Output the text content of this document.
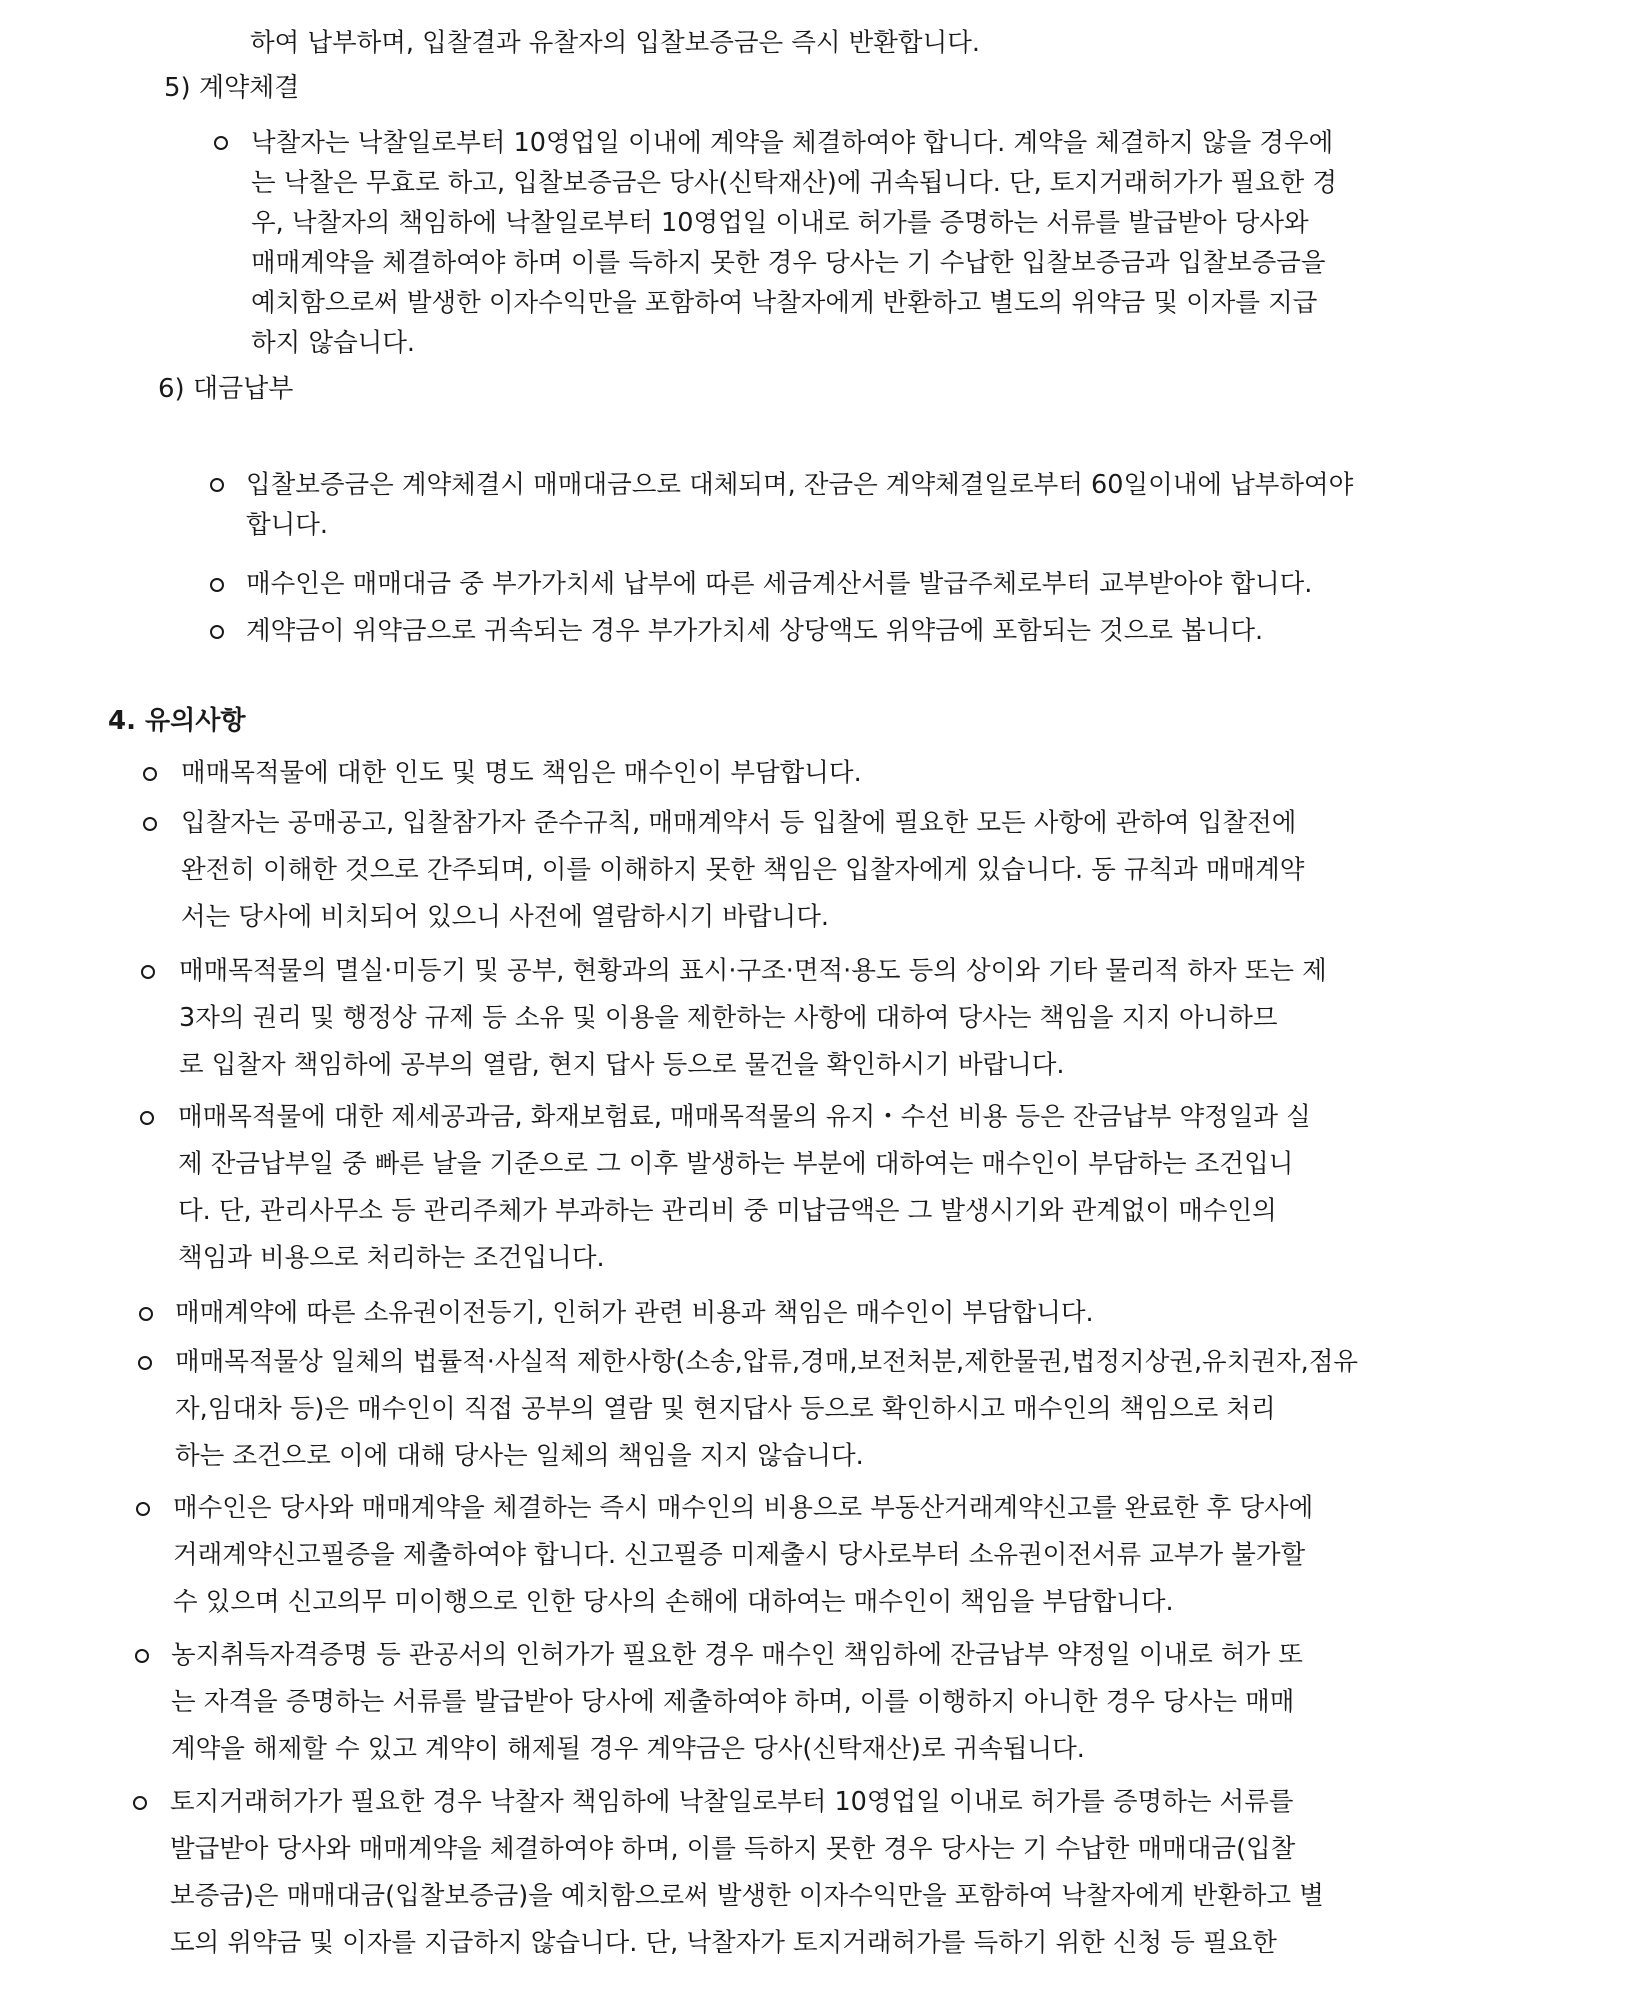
하여 납부하며, 입찰결과 유찰자의 입찰보증금은 즉시 반환합니다.
5) 계약체결
낙찰자는 낙찰일로부터 10영업일 이내에 계약을 체결하여야 합니다. 계약을 체결하지 않을 경우에
는 낙찰은 무효로 하고, 입찰보증금은 당사(신탁재산)에 귀속됩니다. 단, 토지거래허가가 필요한 경
우, 낙찰자의 책임하에 낙찰일로부터 10영업일 이내로 허가를 증명하는 서류를 발급받아 당사와
매매계약을 체결하여야 하며 이를 득하지 못한 경우 당사는 기 수납한 입찰보증금과 입찰보증금을
예치함으로써 발생한 이자수익만을 포함하여 낙찰자에게 반환하고 별도의 위약금 및 이자를 지급
하지 않습니다.
6) 대금납부
입찰보증금은 계약체결시 매매대금으로 대체되며, 잔금은 계약체결일로부터 60일이내에 납부하여야
합니다.
매수인은 매매대금 중 부가가치세 납부에 따른 세금계산서를 발급주체로부터 교부받아야 합니다.
계약금이 위약금으로 귀속되는 경우 부가가치세 상당액도 위약금에 포함되는 것으로 봅니다.
4. 유의사항
매매목적물에 대한 인도 및 명도 책임은 매수인이 부담합니다.
입찰자는 공매공고, 입찰참가자 준수규칙, 매매계약서 등 입찰에 필요한 모든 사항에 관하여 입찰전에
완전히 이해한 것으로 간주되며, 이를 이해하지 못한 책임은 입찰자에게 있습니다. 동 규칙과 매매계약
서는 당사에 비치되어 있으니 사전에 열람하시기 바랍니다.
매매목적물의 멸실·미등기 및 공부, 현황과의 표시·구조·면적·용도 등의 상이와 기타 물리적 하자 또는 제
3자의 권리 및 행정상 규제 등 소유 및 이용을 제한하는 사항에 대하여 당사는 책임을 지지 아니하므
로 입찰자 책임하에 공부의 열람, 현지 답사 등으로 물건을 확인하시기 바랍니다.
매매목적물에 대한 제세공과금, 화재보험료, 매매목적물의 유지・수선 비용 등은 잔금납부 약정일과 실
제 잔금납부일 중 빠른 날을 기준으로 그 이후 발생하는 부분에 대하여는 매수인이 부담하는 조건입니
다. 단, 관리사무소 등 관리주체가 부과하는 관리비 중 미납금액은 그 발생시기와 관계없이 매수인의
책임과 비용으로 처리하는 조건입니다.
매매계약에 따른 소유권이전등기, 인허가 관련 비용과 책임은 매수인이 부담합니다.
매매목적물상 일체의 법률적·사실적 제한사항(소송,압류,경매,보전처분,제한물권,법정지상권,유치권자,점유
자,임대차 등)은 매수인이 직접 공부의 열람 및 현지답사 등으로 확인하시고 매수인의 책임으로 처리
하는 조건으로 이에 대해 당사는 일체의 책임을 지지 않습니다.
매수인은 당사와 매매계약을 체결하는 즉시 매수인의 비용으로 부동산거래계약신고를 완료한 후 당사에
거래계약신고필증을 제출하여야 합니다. 신고필증 미제출시 당사로부터 소유권이전서류 교부가 불가할
수 있으며 신고의무 미이행으로 인한 당사의 손해에 대하여는 매수인이 책임을 부담합니다.
농지취득자격증명 등 관공서의 인허가가 필요한 경우 매수인 책임하에 잔금납부 약정일 이내로 허가 또
는 자격을 증명하는 서류를 발급받아 당사에 제출하여야 하며, 이를 이행하지 아니한 경우 당사는 매매
계약을 해제할 수 있고 계약이 해제될 경우 계약금은 당사(신탁재산)로 귀속됩니다.
토지거래허가가 필요한 경우 낙찰자 책임하에 낙찰일로부터 10영업일 이내로 허가를 증명하는 서류를
발급받아 당사와 매매계약을 체결하여야 하며, 이를 득하지 못한 경우 당사는 기 수납한 매매대금(입찰
보증금)은 매매대금(입찰보증금)을 예치함으로써 발생한 이자수익만을 포함하여 낙찰자에게 반환하고 별
도의 위약금 및 이자를 지급하지 않습니다. 단, 낙찰자가 토지거래허가를 득하기 위한 신청 등 필요한
